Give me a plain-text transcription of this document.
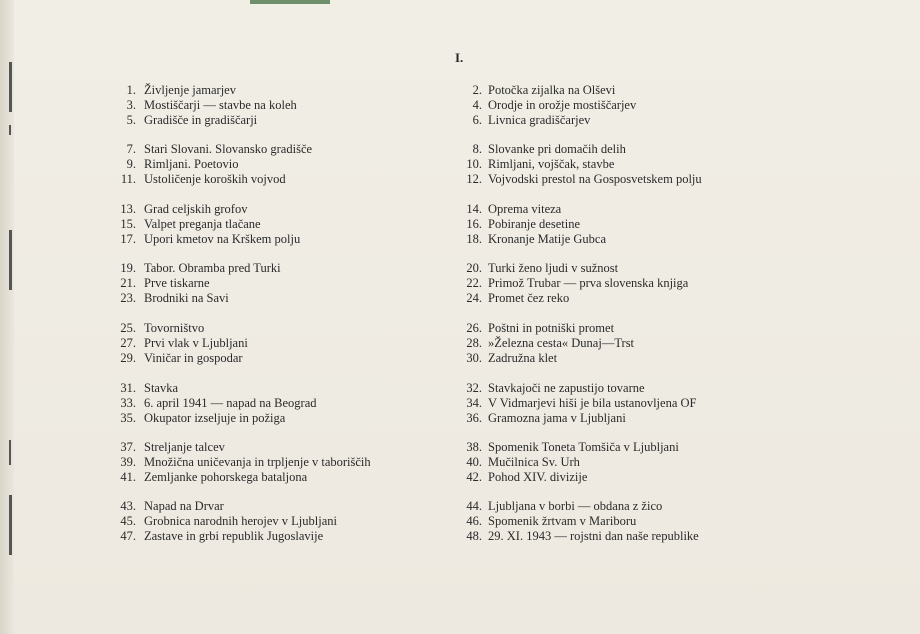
I.
1. Življenje jamarjev
3. Mostiščarji — stavbe na koleh
5. Gradišče in gradiščarji
2. Potočka zijalka na Olševi
4. Orodje in orožje mostiščarjev
6. Livnica gradiščarjev
7. Stari Slovani. Slovansko gradišče
9. Rimljani. Poetovio
11. Ustoličenje koroških vojvod
8. Slovanke pri domačih delih
10. Rimljani, vojščak, stavbe
12. Vojvodski prestol na Gosposvetskem polju
13. Grad celjskih grofov
15. Valpet preganja tlačane
17. Upori kmetov na Krškem polju
14. Oprema viteza
16. Pobiranje desetine
18. Kronanje Matije Gubca
19. Tabor. Obramba pred Turki
21. Prve tiskarne
23. Brodniki na Savi
20. Turki ženo ljudi v sužnost
22. Primož Trubar — prva slovenska knjiga
24. Promet čez reko
25. Tovorništvo
27. Prvi vlak v Ljubljani
29. Viničar in gospodar
26. Poštni in potniški promet
28. »Železna cesta« Dunaj—Trst
30. Zadružna klet
31. Stavka
33. 6. april 1941 — napad na Beograd
35. Okupator izseljuje in požiga
32. Stavkajoči ne zapustijo tovarne
34. V Vidmarjevi hiši je bila ustanovljena OF
36. Gramozna jama v Ljubljani
37. Streljanje talcev
39. Množična uničevanja in trpljenje v taboriščih
41. Zemljanke pohorskega bataljona
38. Spomenik Toneta Tomšiča v Ljubljani
40. Mučilnica Sv. Urh
42. Pohod XIV. divizije
43. Napad na Drvar
45. Grobnica narodnih herojev v Ljubljani
47. Zastave in grbi republik Jugoslavije
44. Ljubljana v borbi — obdana z žico
46. Spomenik žrtvam v Mariboru
48. 29. XI. 1943 — rojstni dan naše republike
